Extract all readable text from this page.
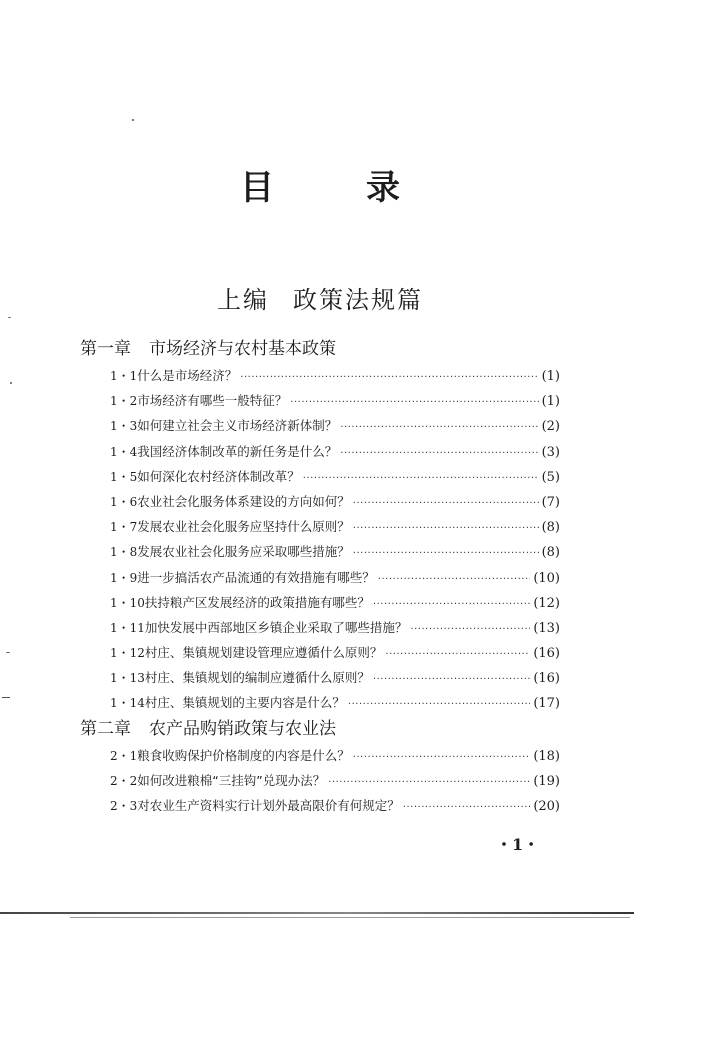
目	录
上编 政策法规篇
第一章 市场经济与农村基本政策
1・1 什么是市场经济？ ·····	(1)
1・2 市场经济有哪些一般特征？ ·····	(1)
1・3 如何建立社会主义市场经济新体制？ ·····	(2)
1・4 我国经济体制改革的新任务是什么？ ·····	(3)
1・5 如何深化农村经济体制改革？ ·····	(5)
1・6 农业社会化服务体系建设的方向如何？ ·····	(7)
1・7 发展农业社会化服务应坚持什么原则？ ·····	(8)
1・8 发展农业社会化服务应采取哪些措施？ ·····	(8)
1・9 进一步搞活农产品流通的有效措施有哪些？ ·····	(10)
1・10 扶持粮产区发展经济的政策措施有哪些？ ·····	(12)
1・11 加快发展中西部地区乡镇企业采取了哪些措施？ ·····	(13)
1・12 村庄、集镇规划建设管理应遵循什么原则？ ·····	(16)
1・13 村庄、集镇规划的编制应遵循什么原则？ ·····	(16)
1・14 村庄、集镇规划的主要内容是什么？ ·····	(17)
第二章 农产品购销政策与农业法
2・1 粮食收购保护价格制度的内容是什么？ ·····	(18)
2・2 如何改进粮棉“三挂钩”兑现办法？ ·····	(19)
2・3 对农业生产资料实行计划外最高限价有何规定？ ·····	(20)
・1・
